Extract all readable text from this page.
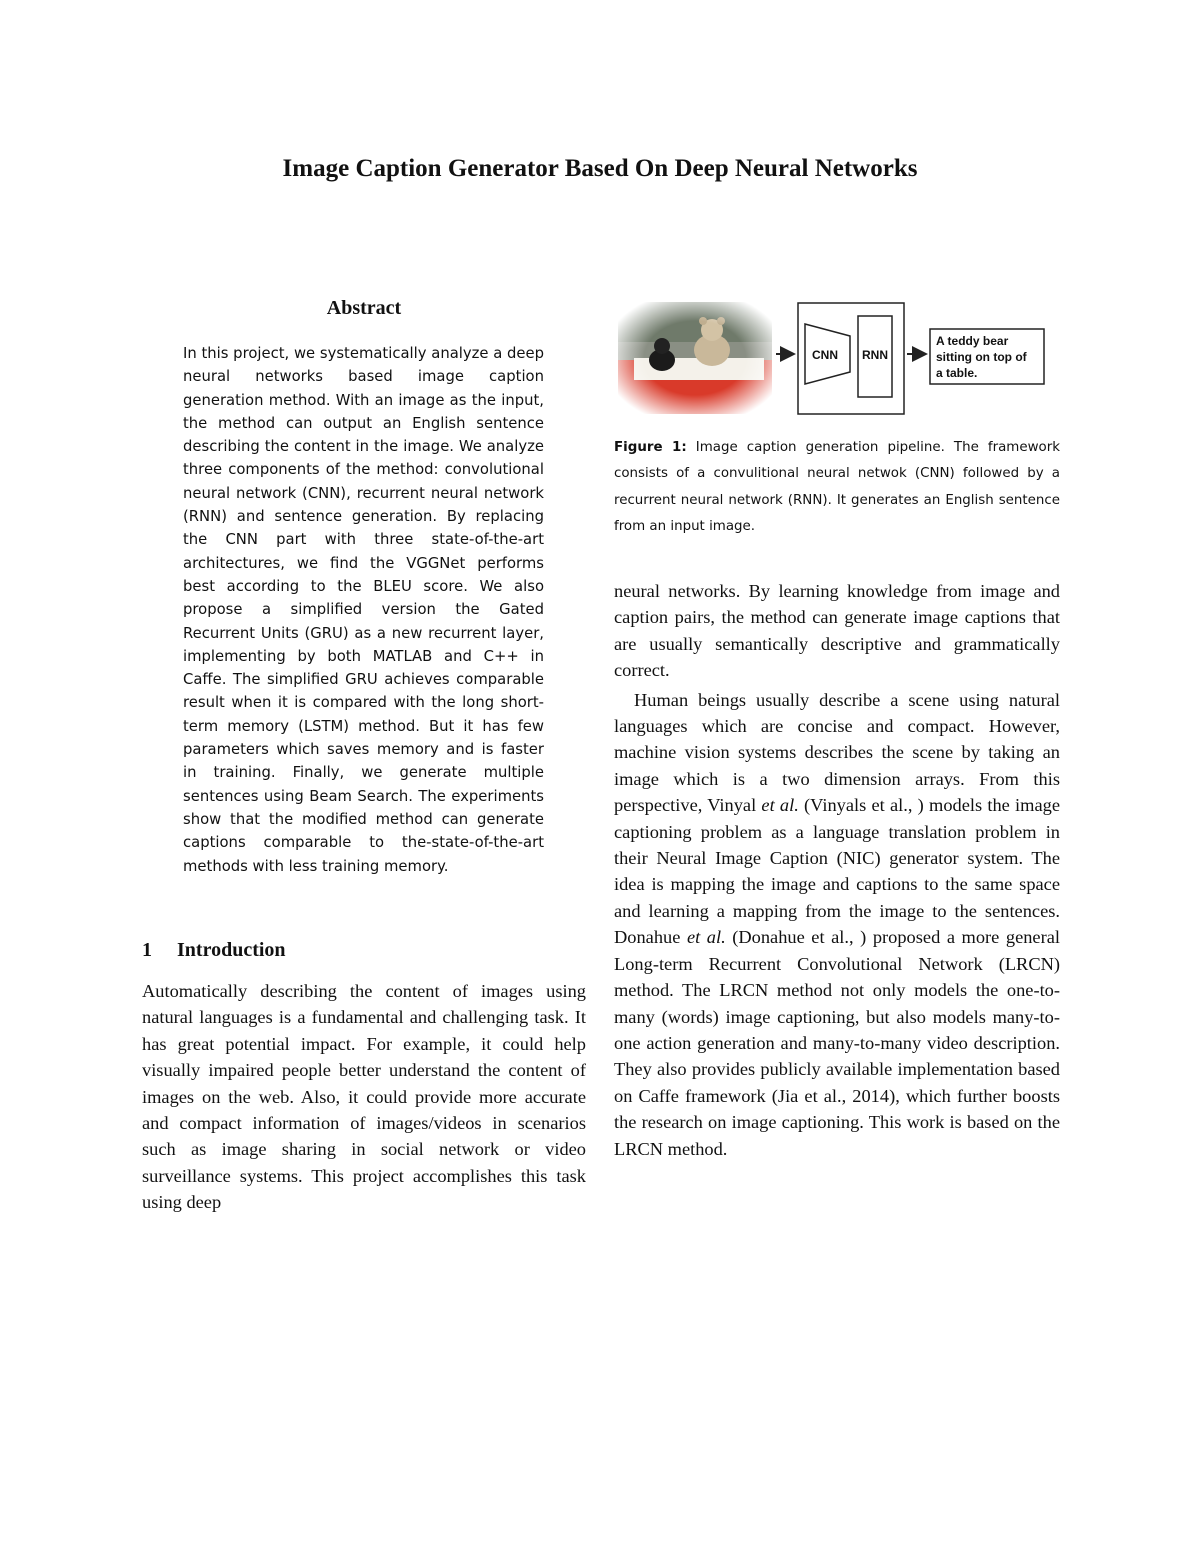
Image Caption Generator Based On Deep Neural Networks
Abstract
In this project, we systematically analyze a deep neural networks based image caption generation method. With an image as the input, the method can output an English sentence describing the content in the image. We analyze three components of the method: convolutional neural network (CNN), recurrent neural network (RNN) and sentence generation. By replacing the CNN part with three state-of-the-art architectures, we find the VGGNet performs best according to the BLEU score. We also propose a simplified version the Gated Recurrent Units (GRU) as a new recurrent layer, implementing by both MATLAB and C++ in Caffe. The simplified GRU achieves comparable result when it is compared with the long short-term memory (LSTM) method. But it has few parameters which saves memory and is faster in training. Finally, we generate multiple sentences using Beam Search. The experiments show that the modified method can generate captions comparable to the-state-of-the-art methods with less training memory.
1 Introduction
Automatically describing the content of images using natural languages is a fundamental and challenging task. It has great potential impact. For example, it could help visually impaired people better understand the content of images on the web. Also, it could provide more accurate and compact information of images/videos in scenarios such as image sharing in social network or video surveillance systems. This project accomplishes this task using deep
CNN RNN
A teddy bear
sitting on top of
a table.
Figure 1: Image caption generation pipeline. The framework consists of a convulitional neural netwok (CNN) followed by a recurrent neural network (RNN). It generates an English sentence from an input image.

neural networks. By learning knowledge from image and caption pairs, the method can generate image captions that are usually semantically descriptive and grammatically correct.

Human beings usually describe a scene using natural languages which are concise and compact. However, machine vision systems describes the scene by taking an image which is a two dimension arrays. From this perspective, Vinyal et al. (Vinyals et al., ) models the image captioning problem as a language translation problem in their Neural Image Caption (NIC) generator system. The idea is mapping the image and captions to the same space and learning a mapping from the image to the sentences. Donahue et al. (Donahue et al., ) proposed a more general Long-term Recurrent Convolutional Network (LRCN) method. The LRCN method not only models the one-to-many (words) image captioning, but also models many-to-one action generation and many-to-many video description. They also provides publicly available implementation based on Caffe framework (Jia et al., 2014), which further boosts the research on image captioning. This work is based on the LRCN method.
